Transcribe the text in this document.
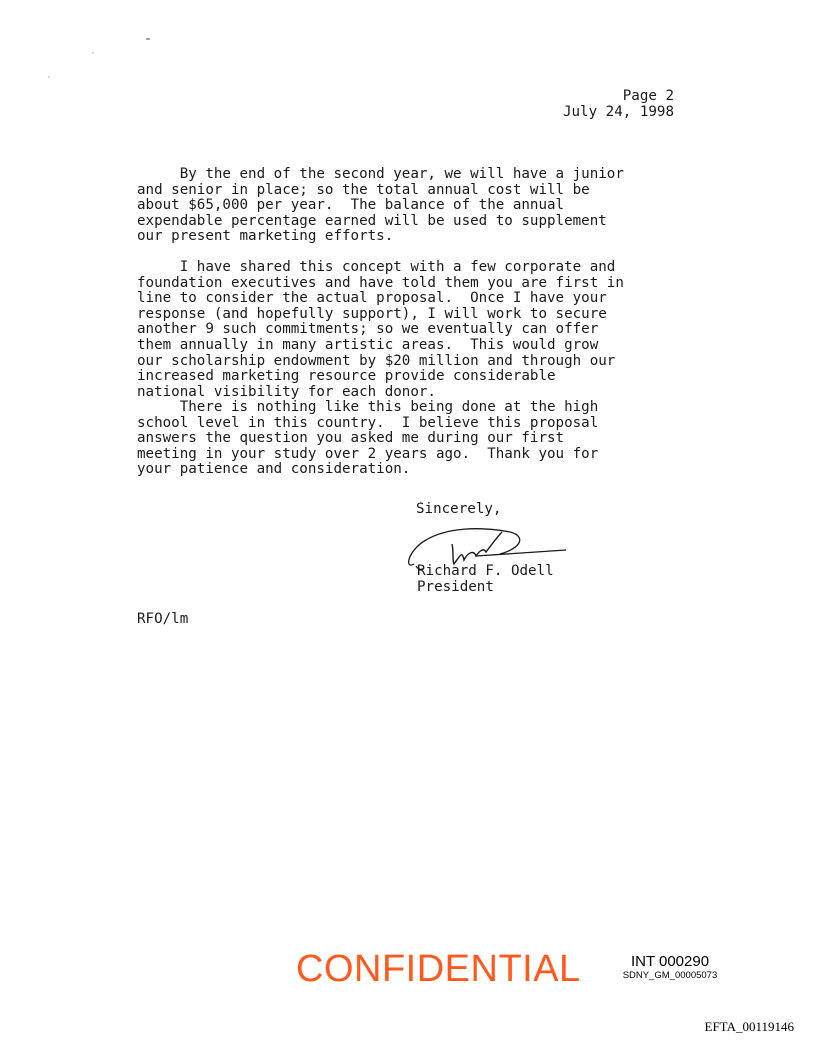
Page 2
July 24, 1998
By the end of the second year, we will have a junior
and senior in place; so the total annual cost will be
about $65,000 per year.  The balance of the annual
expendable percentage earned will be used to supplement
our present marketing efforts.
I have shared this concept with a few corporate and
foundation executives and have told them you are first in
line to consider the actual proposal.  Once I have your
response (and hopefully support), I will work to secure
another 9 such commitments; so we eventually can offer
them annually in many artistic areas.  This would grow
our scholarship endowment by $20 million and through our
increased marketing resource provide considerable
national visibility for each donor.
There is nothing like this being done at the high
school level in this country.  I believe this proposal
answers the question you asked me during our first
meeting in your study over 2 years ago.  Thank you for
your patience and consideration.
Sincerely,
Richard F. Odell
President
RFO/lm
CONFIDENTIAL	INT 000290
SDNY_GM_00005073
EFTA_00119146
